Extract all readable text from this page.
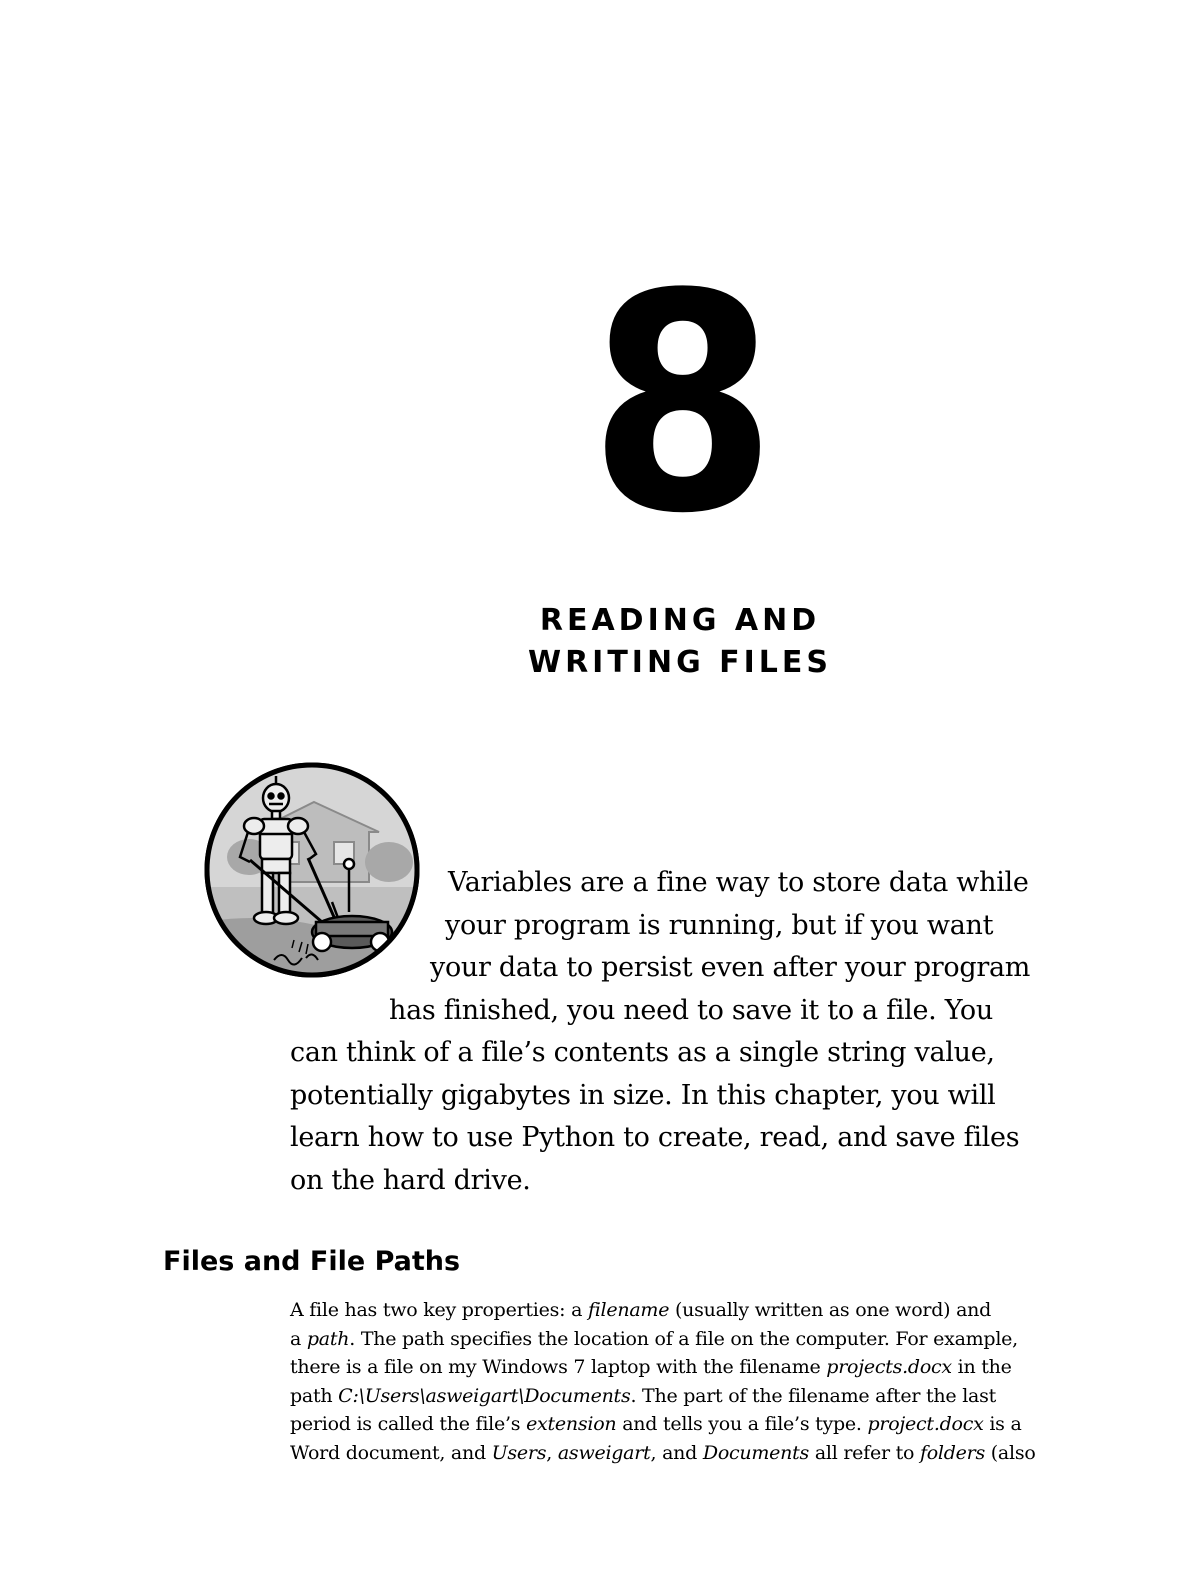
8
READING AND
WRITING FILES
Variables are a fine way to store data while
your program is running, but if you want
your data to persist even after your program
has finished, you need to save it to a file. You
can think of a file’s contents as a single string value,
potentially gigabytes in size. In this chapter, you will
learn how to use Python to create, read, and save files
on the hard drive.
Files and File Paths
A file has two key properties: a filename (usually written as one word) and
a path. The path specifies the location of a file on the computer. For example,
there is a file on my Windows 7 laptop with the filename projects.docx in the
path C:\Users\asweigart\Documents. The part of the filename after the last
period is called the file’s extension and tells you a file’s type. project.docx is a
Word document, and Users, asweigart, and Documents all refer to folders (also
